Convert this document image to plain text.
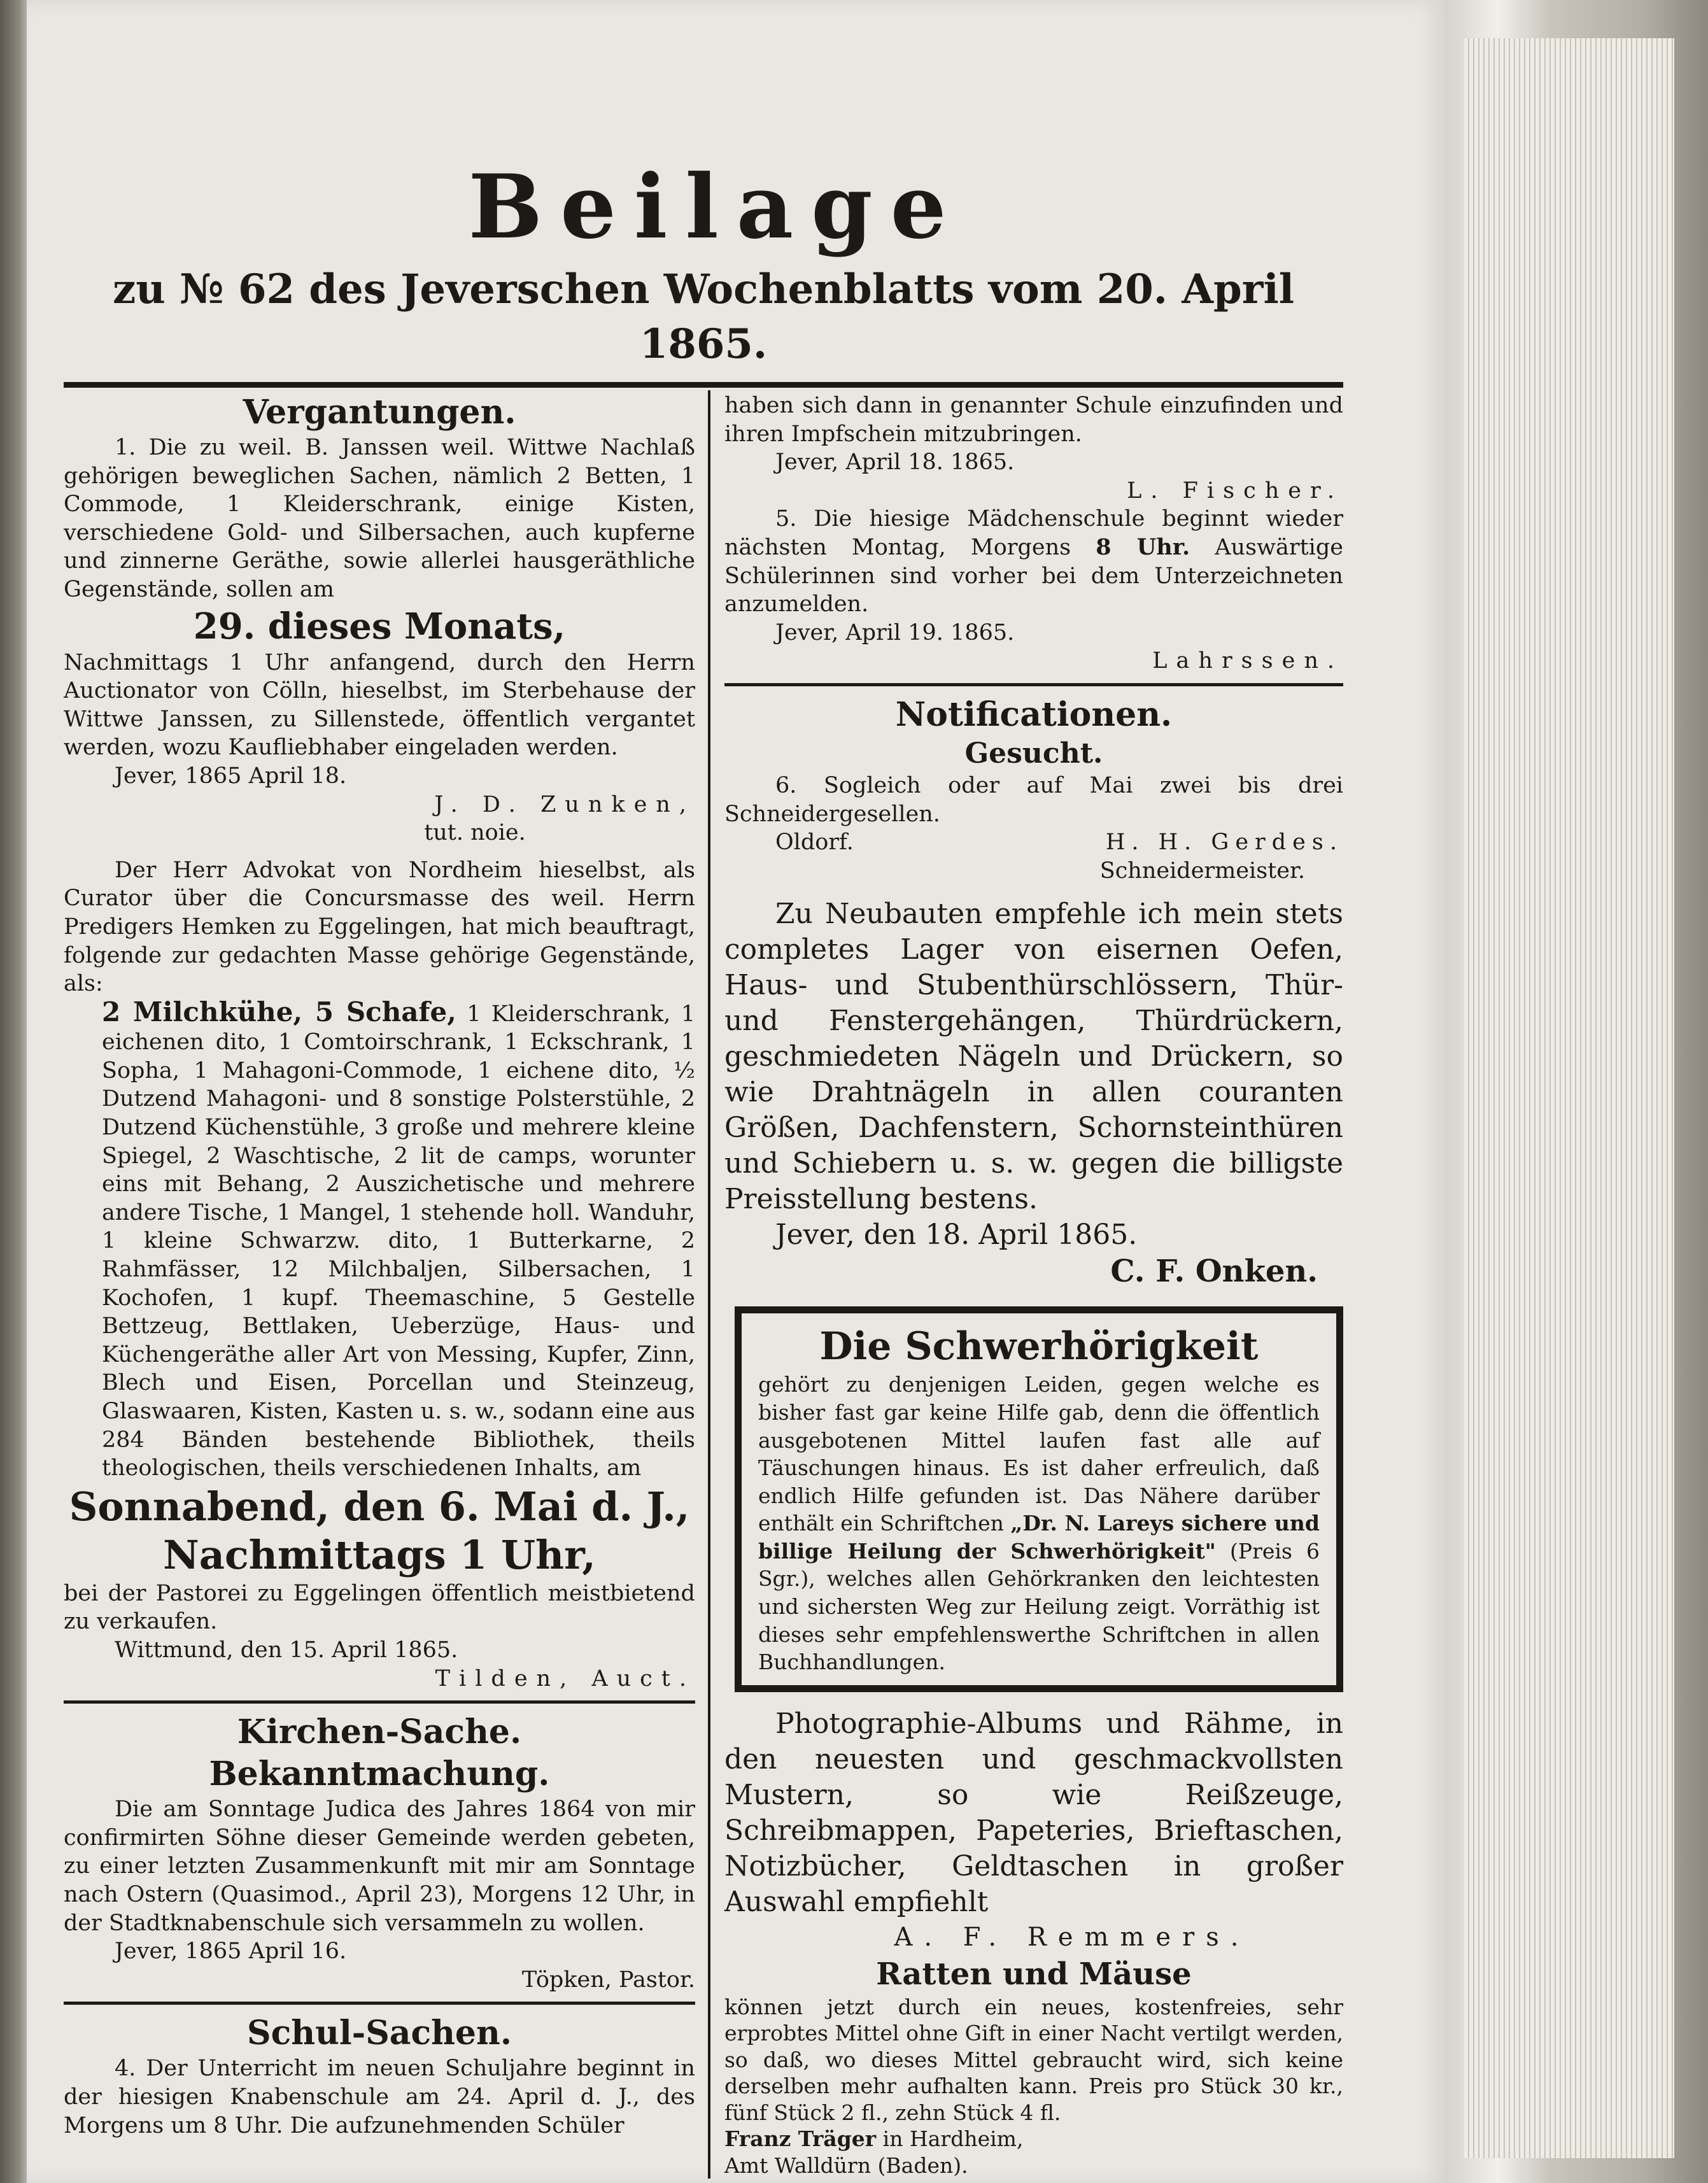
Beilage
zu № 62 des Jeverschen Wochenblatts vom 20. April 1865.
Vergantungen.

1. Die zu weil. B. Janssen weil. Wittwe Nachlaß gehörigen beweglichen Sachen, nämlich 2 Betten, 1 Commode, 1 Kleiderschrank, einige Kisten, verschiedene Gold- und Silbersachen, auch kupferne und zinnerne Geräthe, sowie allerlei hausgeräthliche Gegenstände, sollen am

29. dieses Monats,

Nachmittags 1 Uhr anfangend, durch den Herrn Auctionator von Cölln, hieselbst, im Sterbehause der Wittwe Janssen, zu Sillenstede, öffentlich vergantet werden, wozu Kaufliebhaber eingeladen werden.

Jever, 1865 April 18.

J. D. Zunken,
tut. noie.

Der Herr Advokat von Nordheim hieselbst, als Curator über die Concursmasse des weil. Herrn Predigers Hemken zu Eggelingen, hat mich beauftragt, folgende zur gedachten Masse gehörige Gegenstände, als:

2 Milchkühe, 5 Schafe, 1 Kleiderschrank, 1 eichenen dito, 1 Comtoirschrank, 1 Eckschrank, 1 Sopha, 1 Mahagoni-Commode, 1 eichene dito, ½ Dutzend Mahagoni- und 8 sonstige Polsterstühle, 2 Dutzend Küchenstühle, 3 große und mehrere kleine Spiegel, 2 Waschtische, 2 lit de camps, worunter eins mit Behang, 2 Auszichetische und mehrere andere Tische, 1 Mangel, 1 stehende holl. Wanduhr, 1 kleine Schwarzw. dito, 1 Butterkarne, 2 Rahmfässer, 12 Milchbaljen, Silbersachen, 1 Kochofen, 1 kupf. Theemaschine, 5 Gestelle Bettzeug, Bettlaken, Ueberzüge, Haus- und Küchengeräthe aller Art von Messing, Kupfer, Zinn, Blech und Eisen, Porcellan und Steinzeug, Glaswaaren, Kisten, Kasten u. s. w., sodann eine aus 284 Bänden bestehende Bibliothek, theils theologischen, theils verschiedenen Inhalts, am

Sonnabend, den 6. Mai d. J.,
Nachmittags 1 Uhr,

bei der Pastorei zu Eggelingen öffentlich meistbietend zu verkaufen.

Wittmund, den 15. April 1865.

Tilden, Auct.
Kirchen-Sache.
Bekanntmachung.

Die am Sonntage Judica des Jahres 1864 von mir confirmirten Söhne dieser Gemeinde werden gebeten, zu einer letzten Zusammenkunft mit mir am Sonntage nach Ostern (Quasimod., April 23), Morgens 12 Uhr, in der Stadtknabenschule sich versammeln zu wollen.

Jever, 1865 April 16.

Töpken, Pastor.
Schul-Sachen.

4. Der Unterricht im neuen Schuljahre beginnt in der hiesigen Knabenschule am 24. April d. J., des Morgens um 8 Uhr. Die aufzunehmenden Schüler

haben sich dann in genannter Schule einzufinden und ihren Impfschein mitzubringen.

Jever, April 18. 1865.

L. Fischer.

5. Die hiesige Mädchenschule beginnt wieder nächsten Montag, Morgens 8 Uhr. Auswärtige Schülerinnen sind vorher bei dem Unterzeichneten anzumelden.

Jever, April 19. 1865.

Lahrssen.
Notificationen.
Gesucht.

6. Sogleich oder auf Mai zwei bis drei Schneidergesellen.

Oldorf.	H. H. Gerdes.
Schneidermeister.

Zu Neubauten empfehle ich mein stets completes Lager von eisernen Oefen, Haus- und Stubenthürschlössern, Thür- und Fenstergehängen, Thürdrückern, geschmiedeten Nägeln und Drückern, so wie Drahtnägeln in allen couranten Größen, Dachfenstern, Schornsteinthüren und Schiebern u. s. w. gegen die billigste Preisstellung bestens.

Jever, den 18. April 1865.

C. F. Onken.
Die Schwerhörigkeit

gehört zu denjenigen Leiden, gegen welche es bisher fast gar keine Hilfe gab, denn die öffentlich ausgebotenen Mittel laufen fast alle auf Täuschungen hinaus. Es ist daher erfreulich, daß endlich Hilfe gefunden ist. Das Nähere darüber enthält ein Schriftchen „Dr. N. Lareys sichere und billige Heilung der Schwerhörigkeit" (Preis 6 Sgr.), welches allen Gehörkranken den leichtesten und sichersten Weg zur Heilung zeigt. Vorräthig ist dieses sehr empfehlenswerthe Schriftchen in allen Buchhandlungen.

Photographie-Albums und Rähme, in den neuesten und geschmackvollsten Mustern, so wie Reißzeuge, Schreibmappen, Papeteries, Brieftaschen, Notizbücher, Geldtaschen in großer Auswahl empfiehlt

A. F. Remmers.
Ratten und Mäuse

können jetzt durch ein neues, kostenfreies, sehr erprobtes Mittel ohne Gift in einer Nacht vertilgt werden, so daß, wo dieses Mittel gebraucht wird, sich keine derselben mehr aufhalten kann. Preis pro Stück 30 kr., fünf Stück 2 fl., zehn Stück 4 fl.

Franz Träger in Hardheim,
Amt Walldürn (Baden).
